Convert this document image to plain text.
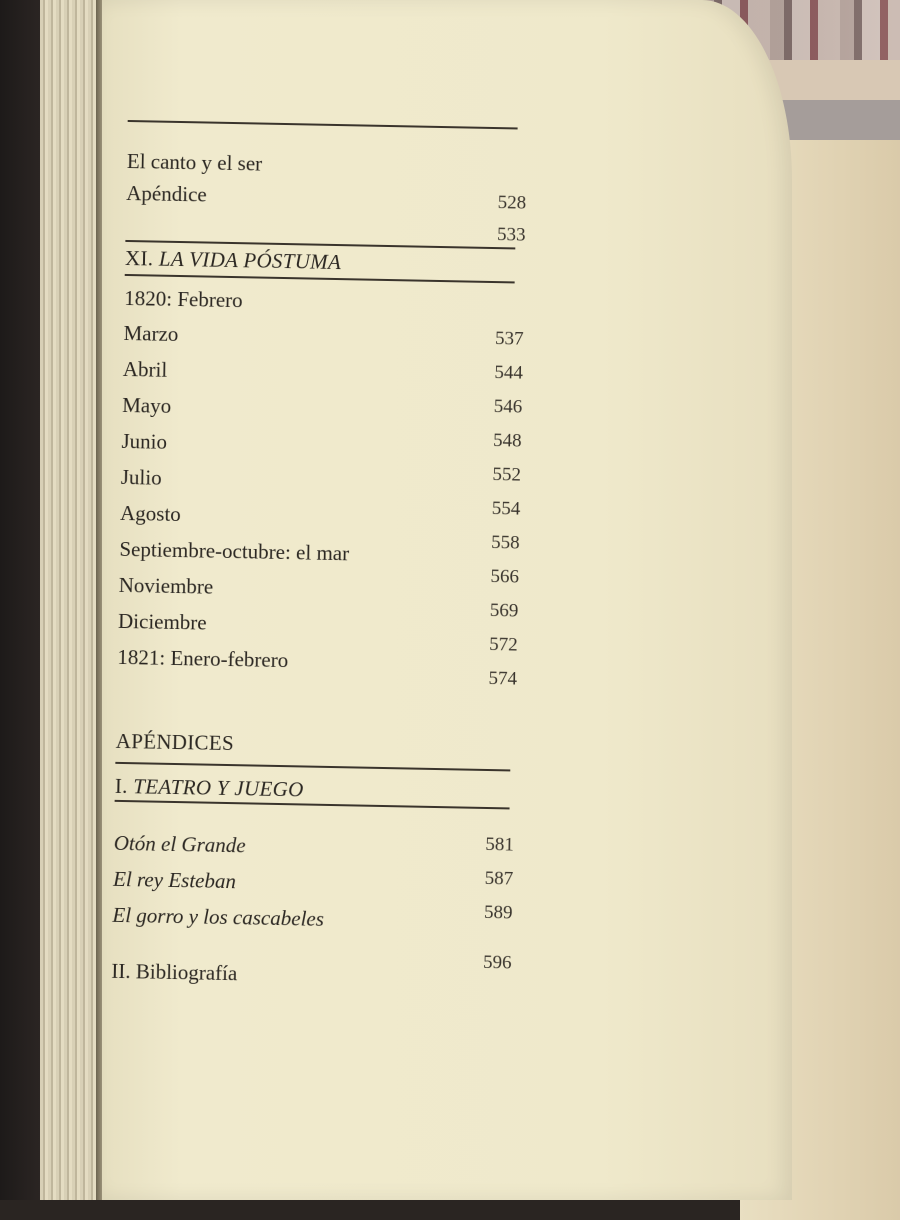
El canto y el ser
Apéndice	528
533
XI. LA VIDA PÓSTUMA
1820: Febrero
Marzo
Abril
Mayo
Junio
Julio
Agosto
Septiembre-octubre: el mar
Noviembre
Diciembre
1821: Enero-febrero
537
544
546
548
552
554
558
566
569
572
574
APÉNDICES
I. TEATRO Y JUEGO
Otón el Grande
El rey Esteban
El gorro y los cascabeles
581
587
589
II. Bibliografía	596
